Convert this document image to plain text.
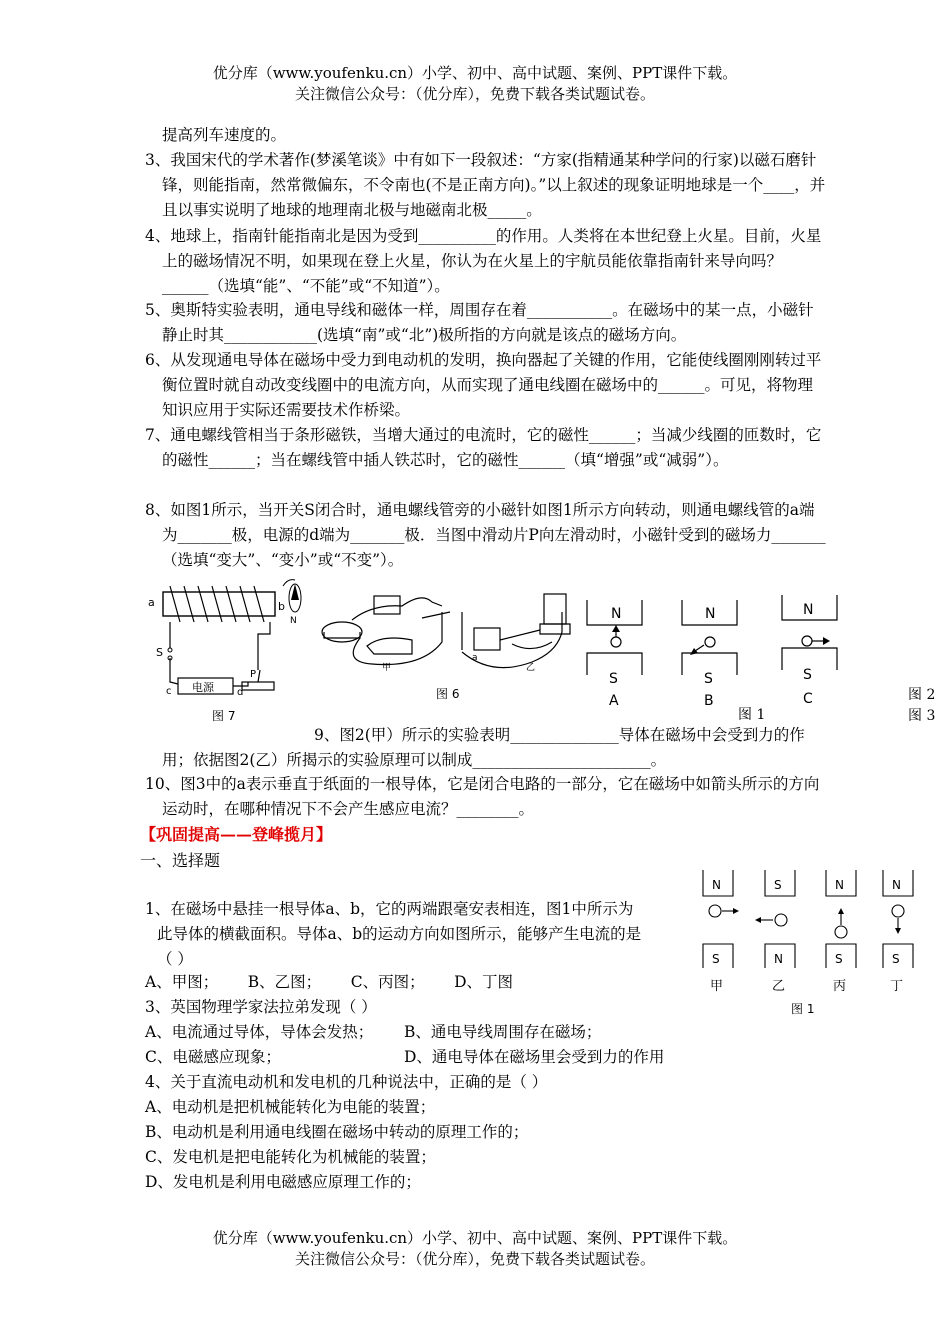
优分库（www.youfenku.cn）小学、初中、高中试题、案例、PPT课件下载。
关注微信公众号：（优分库），免费下载各类试题试卷。
提高列车速度的。
3、我国宋代的学术著作(梦溪笔谈》中有如下一段叙述：“方家(指精通某种学问的行家)以磁石磨针锋，则能指南，然常微偏东，不令南也(不是正南方向)。”以上叙述的现象证明地球是一个____，并且以事实说明了地球的地理南北极与地磁南北极_____。
4、地球上，指南针能指南北是因为受到__________的作用。人类将在本世纪登上火星。目前，火星上的磁场情况不明，如果现在登上火星，你认为在火星上的宇航员能依靠指南针来导向吗？______（选填“能”、“不能”或“不知道”）。
5、奥斯特实验表明，通电导线和磁体一样，周围存在着___________。在磁场中的某一点，小磁针静止时其____________(选填“南”或“北”)极所指的方向就是该点的磁场方向。
6、从发现通电导体在磁场中受力到电动机的发明，换向器起了关键的作用，它能使线圈刚刚转过平衡位置时就自动改变线圈中的电流方向，从而实现了通电线圈在磁场中的______。可见，将物理知识应用于实际还需要技术作桥梁。
7、通电螺线管相当于条形磁铁，当增大通过的电流时，它的磁性______；当减少线圈的匝数时，它的磁性______；当在螺线管中插人铁芯时，它的磁性______（填“增强”或“减弱”）。
8、如图1所示，当开关S闭合时，通电螺线管旁的小磁针如图1所示方向转动，则通电螺线管的a端为_______极，电源的d端为_______极．当图中滑动片P向左滑动时，小磁针受到的磁场力_______（选填“变大”、“变小”或“不变”）。
a	b
S
c	d
P
电源
N
图 7
甲	乙
a
图 6
N	N	N
S	S	S
A	B	C
图 1
图 2
图 3
9、图2(甲）所示的实验表明______________导体在磁场中会受到力的作用；依据图2(乙）所揭示的实验原理可以制成_______________________。
10、图3中的a表示垂直于纸面的一根导体，它是闭合电路的一部分，它在磁场中如箭头所示的方向运动时，在哪种情况下不会产生感应电流？________。
【巩固提高——登峰揽月】
一、选择题
1、在磁场中悬挂一根导体a、b，它的两端跟毫安表相连，图1中所示为此导体的横截面积。导体a、b的运动方向如图所示，能够产生电流的是（ ）
A、甲图；      B、乙图；      C、丙图；      D、丁图
3、英国物理学家法拉弟发现（ ）
A、电流通过导体，导体会发热；	B、通电导线周围存在磁场；
C、电磁感应现象；	D、通电导体在磁场里会受到力的作用
4、关于直流电动机和发电机的几种说法中，正确的是（ ）
A、电动机是把机械能转化为电能的装置；
B、电动机是利用通电线圈在磁场中转动的原理工作的；
C、发电机是把电能转化为机械能的装置；
D、发电机是利用电磁感应原理工作的；
N
S
甲
S
N
乙
N
S
丙
N
S
丁
图 1
优分库（www.youfenku.cn）小学、初中、高中试题、案例、PPT课件下载。
关注微信公众号：（优分库），免费下载各类试题试卷。
